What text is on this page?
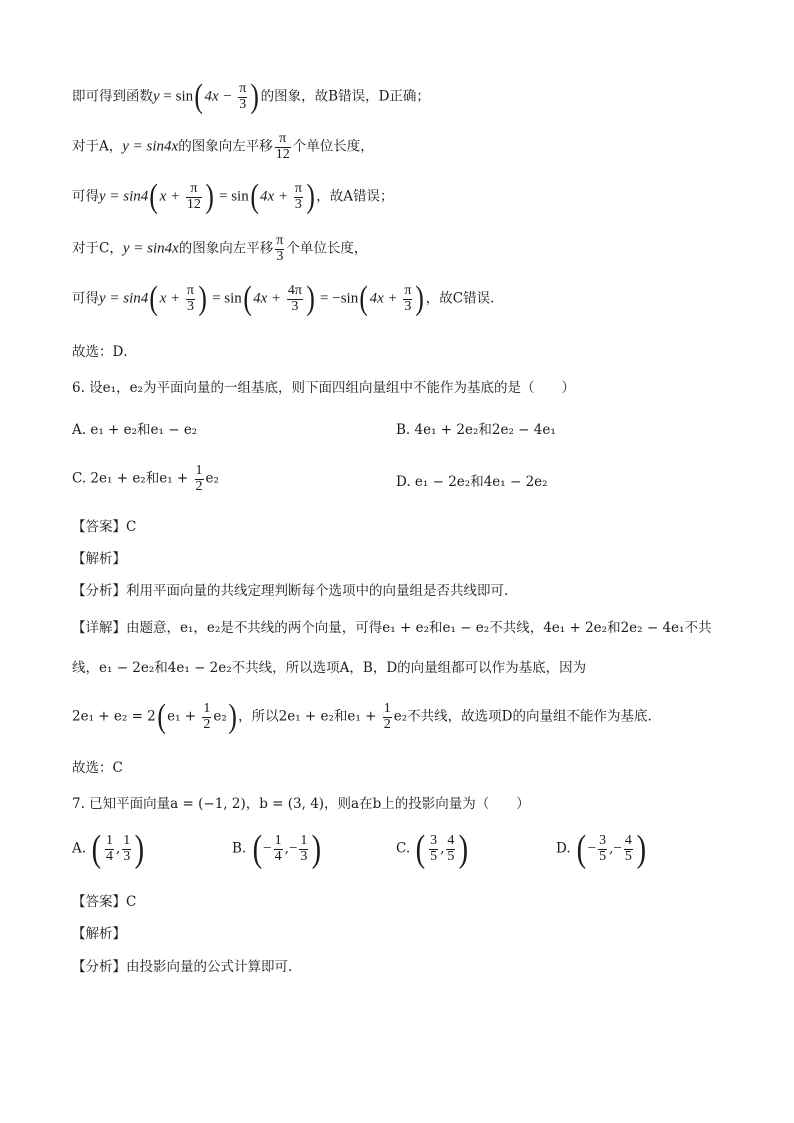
即可得到函数$y = \sin(4x - \frac{\pi}{3}$ )的图象，故B错误，D正确；
对于A，y = sin4x的图象向左平移 $\frac{\pi}{12}$ 个单位长度，
可得$y = \sin 4(x + \frac{\pi}{12}$ ) = $\sin(4x + \frac{\pi}{3}$ )，故A错误；
对于C，y = sin4x的图象向左平移 $\frac{\pi}{3}$ 个单位长度，
可得$y = \sin 4(x + \frac{\pi}{3}$ ) = $\sin(4x + \frac{4\pi}{3}$ ) = $-\sin(4x + \frac{\pi}{3}$ )，故C错误.
故选：D．
6. 设e₁，e₂为平面向量的一组基底，则下面四组向量组中不能作为基底的是（　　）
A. e₁ + e₂和e₁ − e₂	B. 4e₁ + 2e₂和2e₂ − 4e₁
C. 2e₁ + e₂和$e_1 + \frac{1}{2} e_2$	D. e₁ − 2e₂和4e₁ − 2e₂
【答案】C
【解析】
【分析】利用平面向量的共线定理判断每个选项中的向量组是否共线即可.
【详解】由题意，e₁，e₂是不共线的两个向量，可得e₁ + e₂和e₁ − e₂不共线，4e₁ + 2e₂和2e₂ − 4e₁不共
线，e₁ − 2e₂和4e₁ − 2e₂不共线，所以选项A，B，D的向量组都可以作为基底，因为
$2e_1 + e_2 = 2(e_1 + \frac{1}{2} e_2)$，所以2e₁ + e₂和$e_1 + \frac{1}{2} e_2$不共线，故选项D的向量组不能作为基底.
故选：C
7. 已知平面向量a = (−1, 2)，b = (3, 4)，则a在b上的投影向量为（　　）
A. ( $\frac{1}{4}$ , $\frac{1}{3}$ )	B. ( − $\frac{1}{4}$ ,− $\frac{1}{3}$ )	C. ( $\frac{3}{5}$ , $\frac{4}{5}$ )	D. ( − $\frac{3}{5}$ ,− $\frac{4}{5}$ )
【答案】C
【解析】
【分析】由投影向量的公式计算即可.
